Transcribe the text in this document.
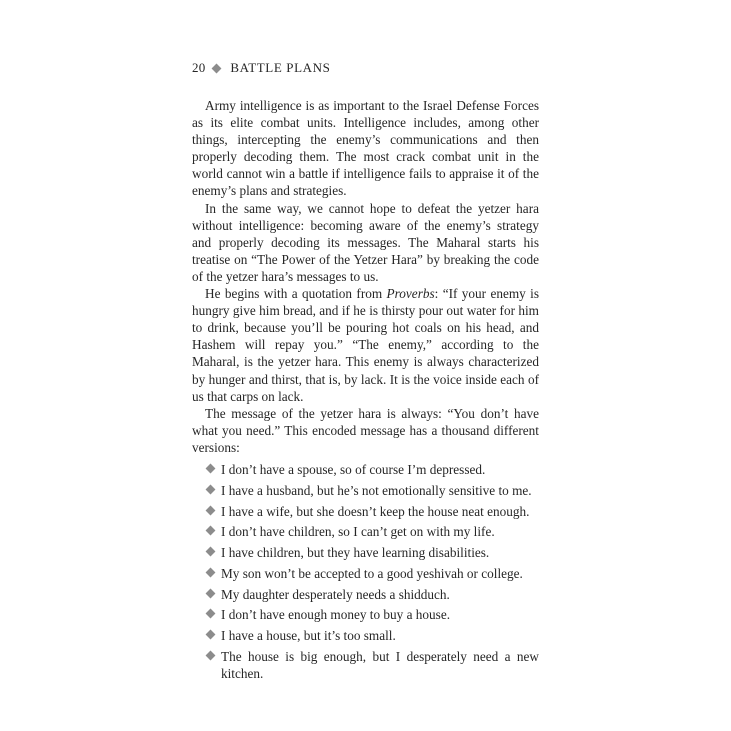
20 BATTLE PLANS

Army intelligence is as important to the Israel Defense Forces as its elite combat units. Intelligence includes, among other things, intercepting the enemy’s communications and then properly decoding them. The most crack combat unit in the world cannot win a battle if intelligence fails to appraise it of the enemy’s plans and strategies.

In the same way, we cannot hope to defeat the yetzer hara without intelligence: becoming aware of the enemy’s strategy and properly decoding its messages. The Maharal starts his treatise on “The Power of the Yetzer Hara” by breaking the code of the yetzer hara’s messages to us.

He begins with a quotation from Proverbs: “If your enemy is hungry give him bread, and if he is thirsty pour out water for him to drink, because you’ll be pouring hot coals on his head, and Hashem will repay you.” “The enemy,” according to the Maharal, is the yetzer hara. This enemy is always characterized by hunger and thirst, that is, by lack. It is the voice inside each of us that carps on lack.

The message of the yetzer hara is always: “You don’t have what you need.” This encoded message has a thousand different versions:

I don’t have a spouse, so of course I’m depressed.
I have a husband, but he’s not emotionally sensitive to me.
I have a wife, but she doesn’t keep the house neat enough.
I don’t have children, so I can’t get on with my life.
I have children, but they have learning disabilities.
My son won’t be accepted to a good yeshivah or college.
My daughter desperately needs a shidduch.
I don’t have enough money to buy a house.
I have a house, but it’s too small.
The house is big enough, but I desperately need a new kitchen.
